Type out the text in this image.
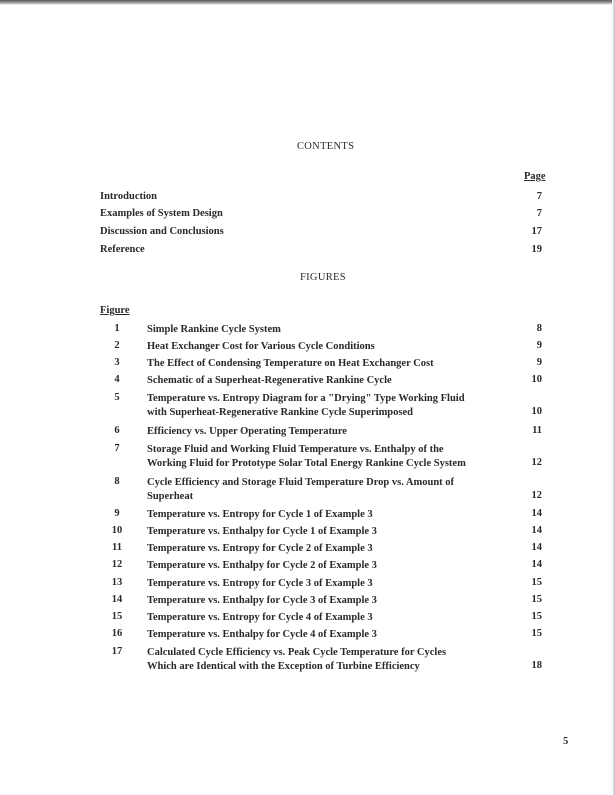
CONTENTS
Page
Introduction	7
Examples of System Design	7
Discussion and Conclusions	17
Reference	19
FIGURES
Figure
1	Simple Rankine Cycle System	8
2	Heat Exchanger Cost for Various Cycle Conditions	9
3	The Effect of Condensing Temperature on Heat Exchanger Cost	9
4	Schematic of a Superheat-Regenerative Rankine Cycle	10
5	Temperature vs. Entropy Diagram for a "Drying" Type Working Fluid
with Superheat-Regenerative Rankine Cycle Superimposed	10
6	Efficiency vs. Upper Operating Temperature	11
7	Storage Fluid and Working Fluid Temperature vs. Enthalpy of the
Working Fluid for Prototype Solar Total Energy Rankine Cycle System	12
8	Cycle Efficiency and Storage Fluid Temperature Drop vs. Amount of
Superheat	12
9	Temperature vs. Entropy for Cycle 1 of Example 3	14
10	Temperature vs. Enthalpy for Cycle 1 of Example 3	14
11	Temperature vs. Entropy for Cycle 2 of Example 3	14
12	Temperature vs. Enthalpy for Cycle 2 of Example 3	14
13	Temperature vs. Entropy for Cycle 3 of Example 3	15
14	Temperature vs. Enthalpy for Cycle 3 of Example 3	15
15	Temperature vs. Entropy for Cycle 4 of Example 3	15
16	Temperature vs. Enthalpy for Cycle 4 of Example 3	15
17	Calculated Cycle Efficiency vs. Peak Cycle Temperature for Cycles
Which are Identical with the Exception of Turbine Efficiency	18
5
